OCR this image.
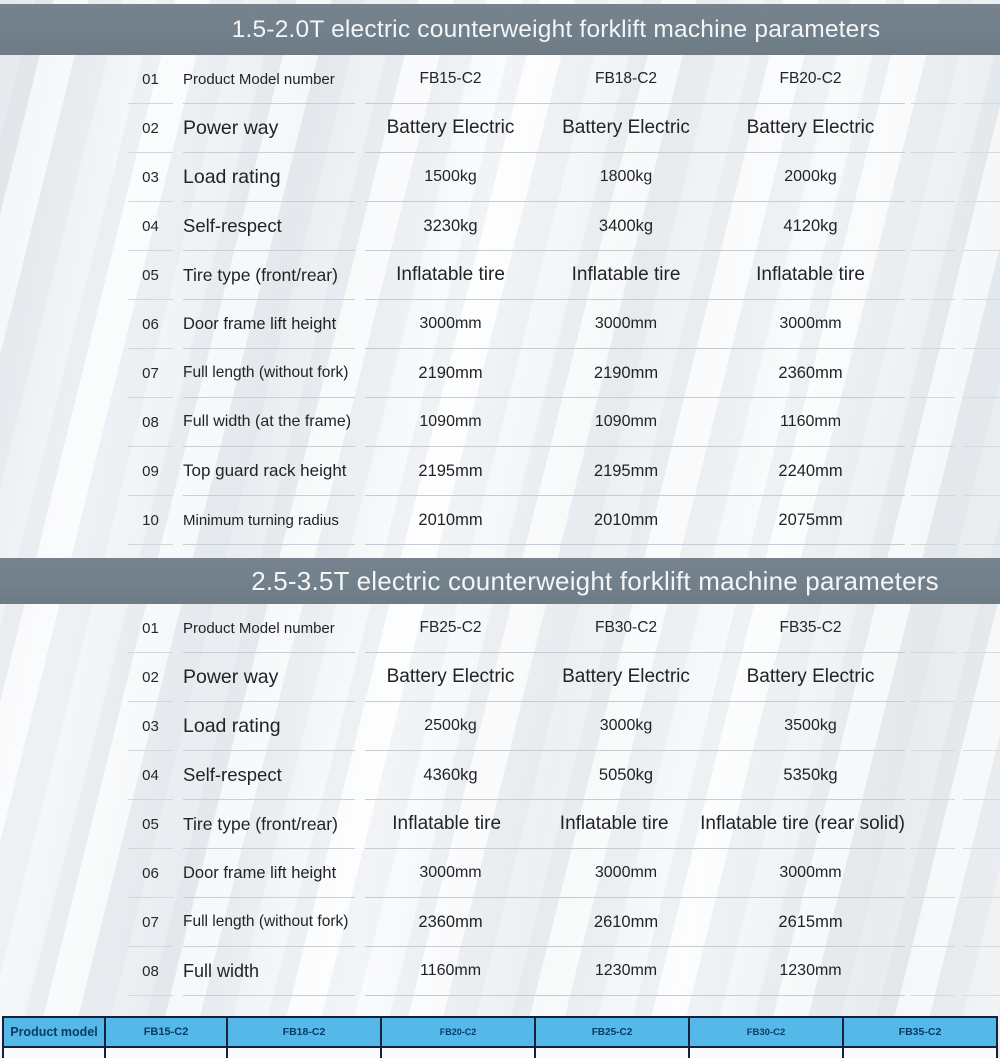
1.5-2.0T electric counterweight forklift machine parameters
01	Product Model number	FB15-C2	FB18-C2	FB20-C2
02	Power way	Battery Electric	Battery Electric	Battery Electric
03	Load rating	1500kg	1800kg	2000kg
04	Self-respect	3230kg	3400kg	4120kg
05	Tire type (front/rear)	Inflatable tire	Inflatable tire	Inflatable tire
06	Door frame lift height	3000mm	3000mm	3000mm
07	Full length (without fork)	2190mm	2190mm	2360mm
08	Full width (at the frame)	1090mm	1090mm	1160mm
09	Top guard rack height	2195mm	2195mm	2240mm
10	Minimum turning radius	2010mm	2010mm	2075mm
2.5-3.5T electric counterweight forklift machine parameters
01	Product Model number	FB25-C2	FB30-C2	FB35-C2
02	Power way	Battery Electric	Battery Electric	Battery Electric
03	Load rating	2500kg	3000kg	3500kg
04	Self-respect	4360kg	5050kg	5350kg
05	Tire type (front/rear)	Inflatable tire	Inflatable tire	Inflatable tire (rear solid)
06	Door frame lift height	3000mm	3000mm	3000mm
07	Full length (without fork)	2360mm	2610mm	2615mm
08	Full width	1160mm	1230mm	1230mm
Product model	FB15-C2	FB18-C2	FB20-C2	FB25-C2	FB30-C2	FB35-C2
